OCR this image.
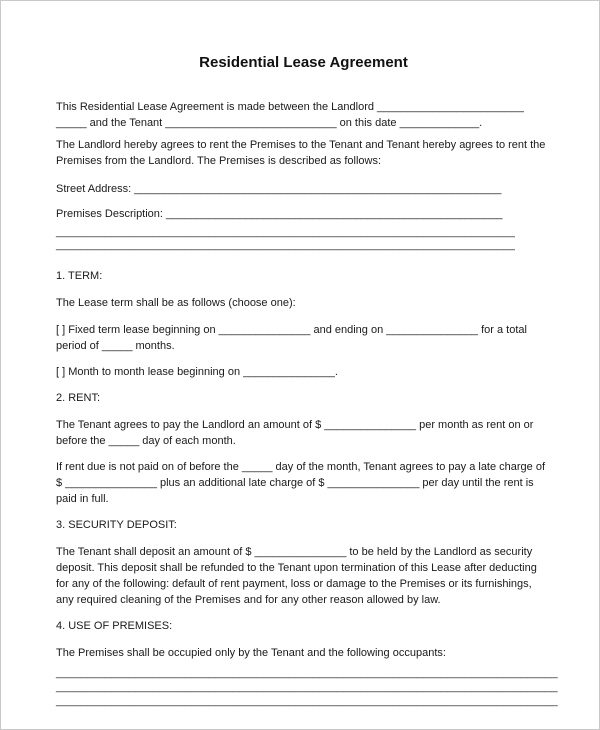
Residential Lease Agreement

This Residential Lease Agreement is made between the Landlord ________________________ _____ and the Tenant ____________________________ on this date _____________.

The Landlord hereby agrees to rent the Premises to the Tenant and Tenant hereby agrees to rent the Premises from the Landlord. The Premises is described as follows:

Street Address: ____________________________________________________________
Premises Description: _______________________________________________________
___________________________________________________________________________
___________________________________________________________________________
1. TERM:

The Lease term shall be as follows (choose one):

[ ] Fixed term lease beginning on _______________ and ending on _______________ for a total period of _____ months.

[ ] Month to month lease beginning on _______________.

2. RENT:

The Tenant agrees to pay the Landlord an amount of $ _______________ per month as rent on or before the _____ day of each month.

If rent due is not paid on of before the _____ day of the month, Tenant agrees to pay a late charge of $ _______________ plus an additional late charge of $ _______________ per day until the rent is paid in full.

3. SECURITY DEPOSIT:

The Tenant shall deposit an amount of $ _______________ to be held by the Landlord as security deposit. This deposit shall be refunded to the Tenant upon termination of this Lease after deducting for any of the following: default of rent payment, loss or damage to the Premises or its furnishings, any required cleaning of the Premises and for any other reason allowed by law.

4. USE OF PREMISES:

The Premises shall be occupied only by the Tenant and the following occupants:

__________________________________________________________________________________
__________________________________________________________________________________
__________________________________________________________________________________
